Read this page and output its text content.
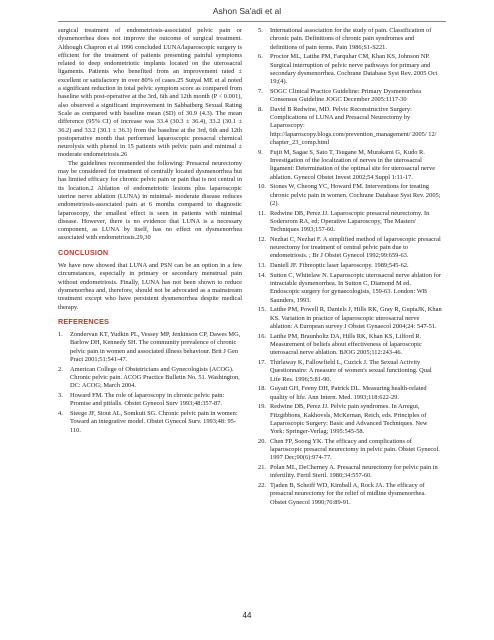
Ashon Sa'adi et al

surgical treatment of endometriosis-associated pelvic pain or dysmenorrhea does not improve the outcome of surgical treatment. Although Chapron et al 1996 concluded LUNA/laparoscopic surgery is efficient for the treatment of patients presenting painful symptoms related to deep endometriotic implants located on the uterosacral ligaments. Patients who benefited from an improvement rated ± excellent or satisfactory in over 80% of cases.25 Sutyal ME et al noted a significant reduction in total pelvic symptom score as compared from baseline with post-operative at the 3rd, 6th and 12th month (P < 0.001), also observed a significant improvement in Sabbatberg Sexual Rating Scale as compared with baseline mean (SD) of 30.9 (4.3). The mean difference (95% CI) of increase was 33.4 (30.3 ± 36.4), 33.2 (30.1 ± 36.2) and 33.2 (30.1 ± 36.3) from the baseline at the 3rd, 6th and 12th postoperative month that performed laparoscopic presacral chemical neurolysis with phenol in 15 patients with pelvic pain and minimal ± moderate endometriosis.26

The guidelines recommended the following: Presacral neurectomy may be considered for treatment of centrally located dysmenorrhea but has limited efficacy for chronic pelvic pain or pain that is not central in its location.2 Ablation of endometriotic lesions plus laparoscopic uterine nerve ablation (LUNA) in minimal- moderate disease reduces endometriosis-associated pain at 6 months compared to diagnostic laparoscopy, the smallest effect is seen in patients with minimal disease. However, there is no evidence that LUNA is a necessary component, as LUNA by itself, has no effect on dysmenorrhea associated with endometriosis.29,30

CONCLUSION

We have now showed that LUNA and PSN can be an option in a few circumstances, especially in primary or secondary menstrual pain without endometriosis. Finally, LUNA has not been shown to reduce dysmenorrhea and, therefore, should not be advocated as a mainstream treatment except who have persistent dysmenorrhea despite medical therapy.

REFERENCES
1. Zondervan KT, Yudkin PL, Vessey MP, Jenkinson CP, Dawes MG, Barlow DH, Kennedy SH. The community prevalence of chronic pelvic pain in women and associated illness behaviour. Brit J Gen Pract 2001;51:541-47.
2. American College of Obstetricians and Gynecologists (ACOG). Chronic pelvic pain. ACOG Practice Bulletin No. 51. Washington, DC: ACOG; March 2004.
3. Howard FM. The role of laparoscopy in chronic pelvic pain: Promise and pitfalls. Obstet Gynecol Surv 1993;48:357-87.
4. Steege JF, Stout AL, Somkuti SG. Chronic pelvic pain in women: Toward an integrative model. Obstet Gynecol Surv. 1993;48: 95-110.
5. International association for the study of pain. Classification of chronic pain. Definitions of chronic pain syndromes and definitions of pain terms. Pain 1986;S1-S221.
6. Proctor ML, Latthe PM, Farquhar CM, Khan KS, Johnson NP. Surgical interruption of pelvic nerve pathways for primary and secondary dysmenorrhea. Cochrane Database Syst Rev. 2005 Oct 19;(4).
7. SOGC Clinical Practice Guideline: Primary Dysmenorrhea Consensus Guideline JOGC December 2005:1117-30
8. David B Redwine, MD. Pelvic Reconstructive Surgery: Complications of LUNA and Presacral Neurectomy by Laparoscopy: http://laparoscopy.blogs.com/prevention_management/ 2005/ 12/ chapter_23_comp.html
9. Fujii M, Sagae S, Sato T, Tsugane M, Murakami G, Kudo R. Investigation of the localization of nerves in the uterosacral ligament: Determination of the optimal site for uterosacral nerve ablation. Gynecol Obstet Invest 2002;54 Suppl 1:11-17.
10. Stones W, Cheong YC, Howard FM. Interventions for treating chronic pelvic pain in women. Cochrane Database Syst Rev. 2005;(2).
11. Redwine DB, Perez JJ. Laparoscopic presacral neurectomy. In Sodersrom RA, ed; Operative Laparoscopy, The Masters' Techniques 1993;157-60.
12. Nezhat C, Nezhat F. A simplified method of laparoscopic presacral neurectomy for treatment of central pelvic pain due to endometriosis. ; Br J Obstet Gynecol 1992;99:659-63.
13. Daniell JF. Fibreoptic laser laparoscopy. 1989;545-62.
14. Sutton C, Whitelaw N. Laparoscopic uterosacral nerve ablation for intractable dysmenorrhea. In Sutton C, Diamond M ed. Endoscopic surgery for gynaecologists, 159-63. London: WB Saunders, 1993.
15. Latthe PM, Powell R, Daniels J, Hills RK, Gray R, GuptaJK, Khan KS. Variation in practice of laparoscopic uterosacral nerve ablation: A European survey J Obstet Gynaecol 2004;24: 547-51.
16. Latthe PM, Braunholtz DA, Hills RK, Khan KS, Lilford R. Measurement of beliefs about effectiveness of laparoscopic uterosacral nerve ablation. BJOG 2005;112:243-46.
17. Thirlaway K, Fallowfield L, Cuzick J. The Sexual Activity Questionnaire: A measure of women's sexual functioning. Qual Life Res. 1996;5:81-90.
18. Guyatt GH, Feeny DH, Patrick DL. Measuring health-related quality of life. Ann Intern. Med. 1993;118:622-29.
19. Redwine DB, Perez JJ. Pelvic pain syndromes. In Arregui, Fitzgibbons, Kakhovsls, McKernan, Reich, eds. Principles of Laparoscopic Surgery: Basic and Advanced Techniques. New York: Springer-Verlag; 1995:545-58.
20. Chen FP, Soong YK. The efficacy and complications of laparoscopic presacral neurectomy in pelvic pain. Obstet Gynecol. 1997 Dec;90(6):974-77.
21. Polan ML, DeCherney A. Presacral neurectomy for pelvic pain in infertility. Fertil Steril. 1980;34:557-60.
22. Tjaden B, Scheiff WD, Kimball A, Rock JA. The efficacy of presacral neurectomy for the relief of midline dysmenorrhea. Obstet Gynecol 1990;76:89-91.
44
